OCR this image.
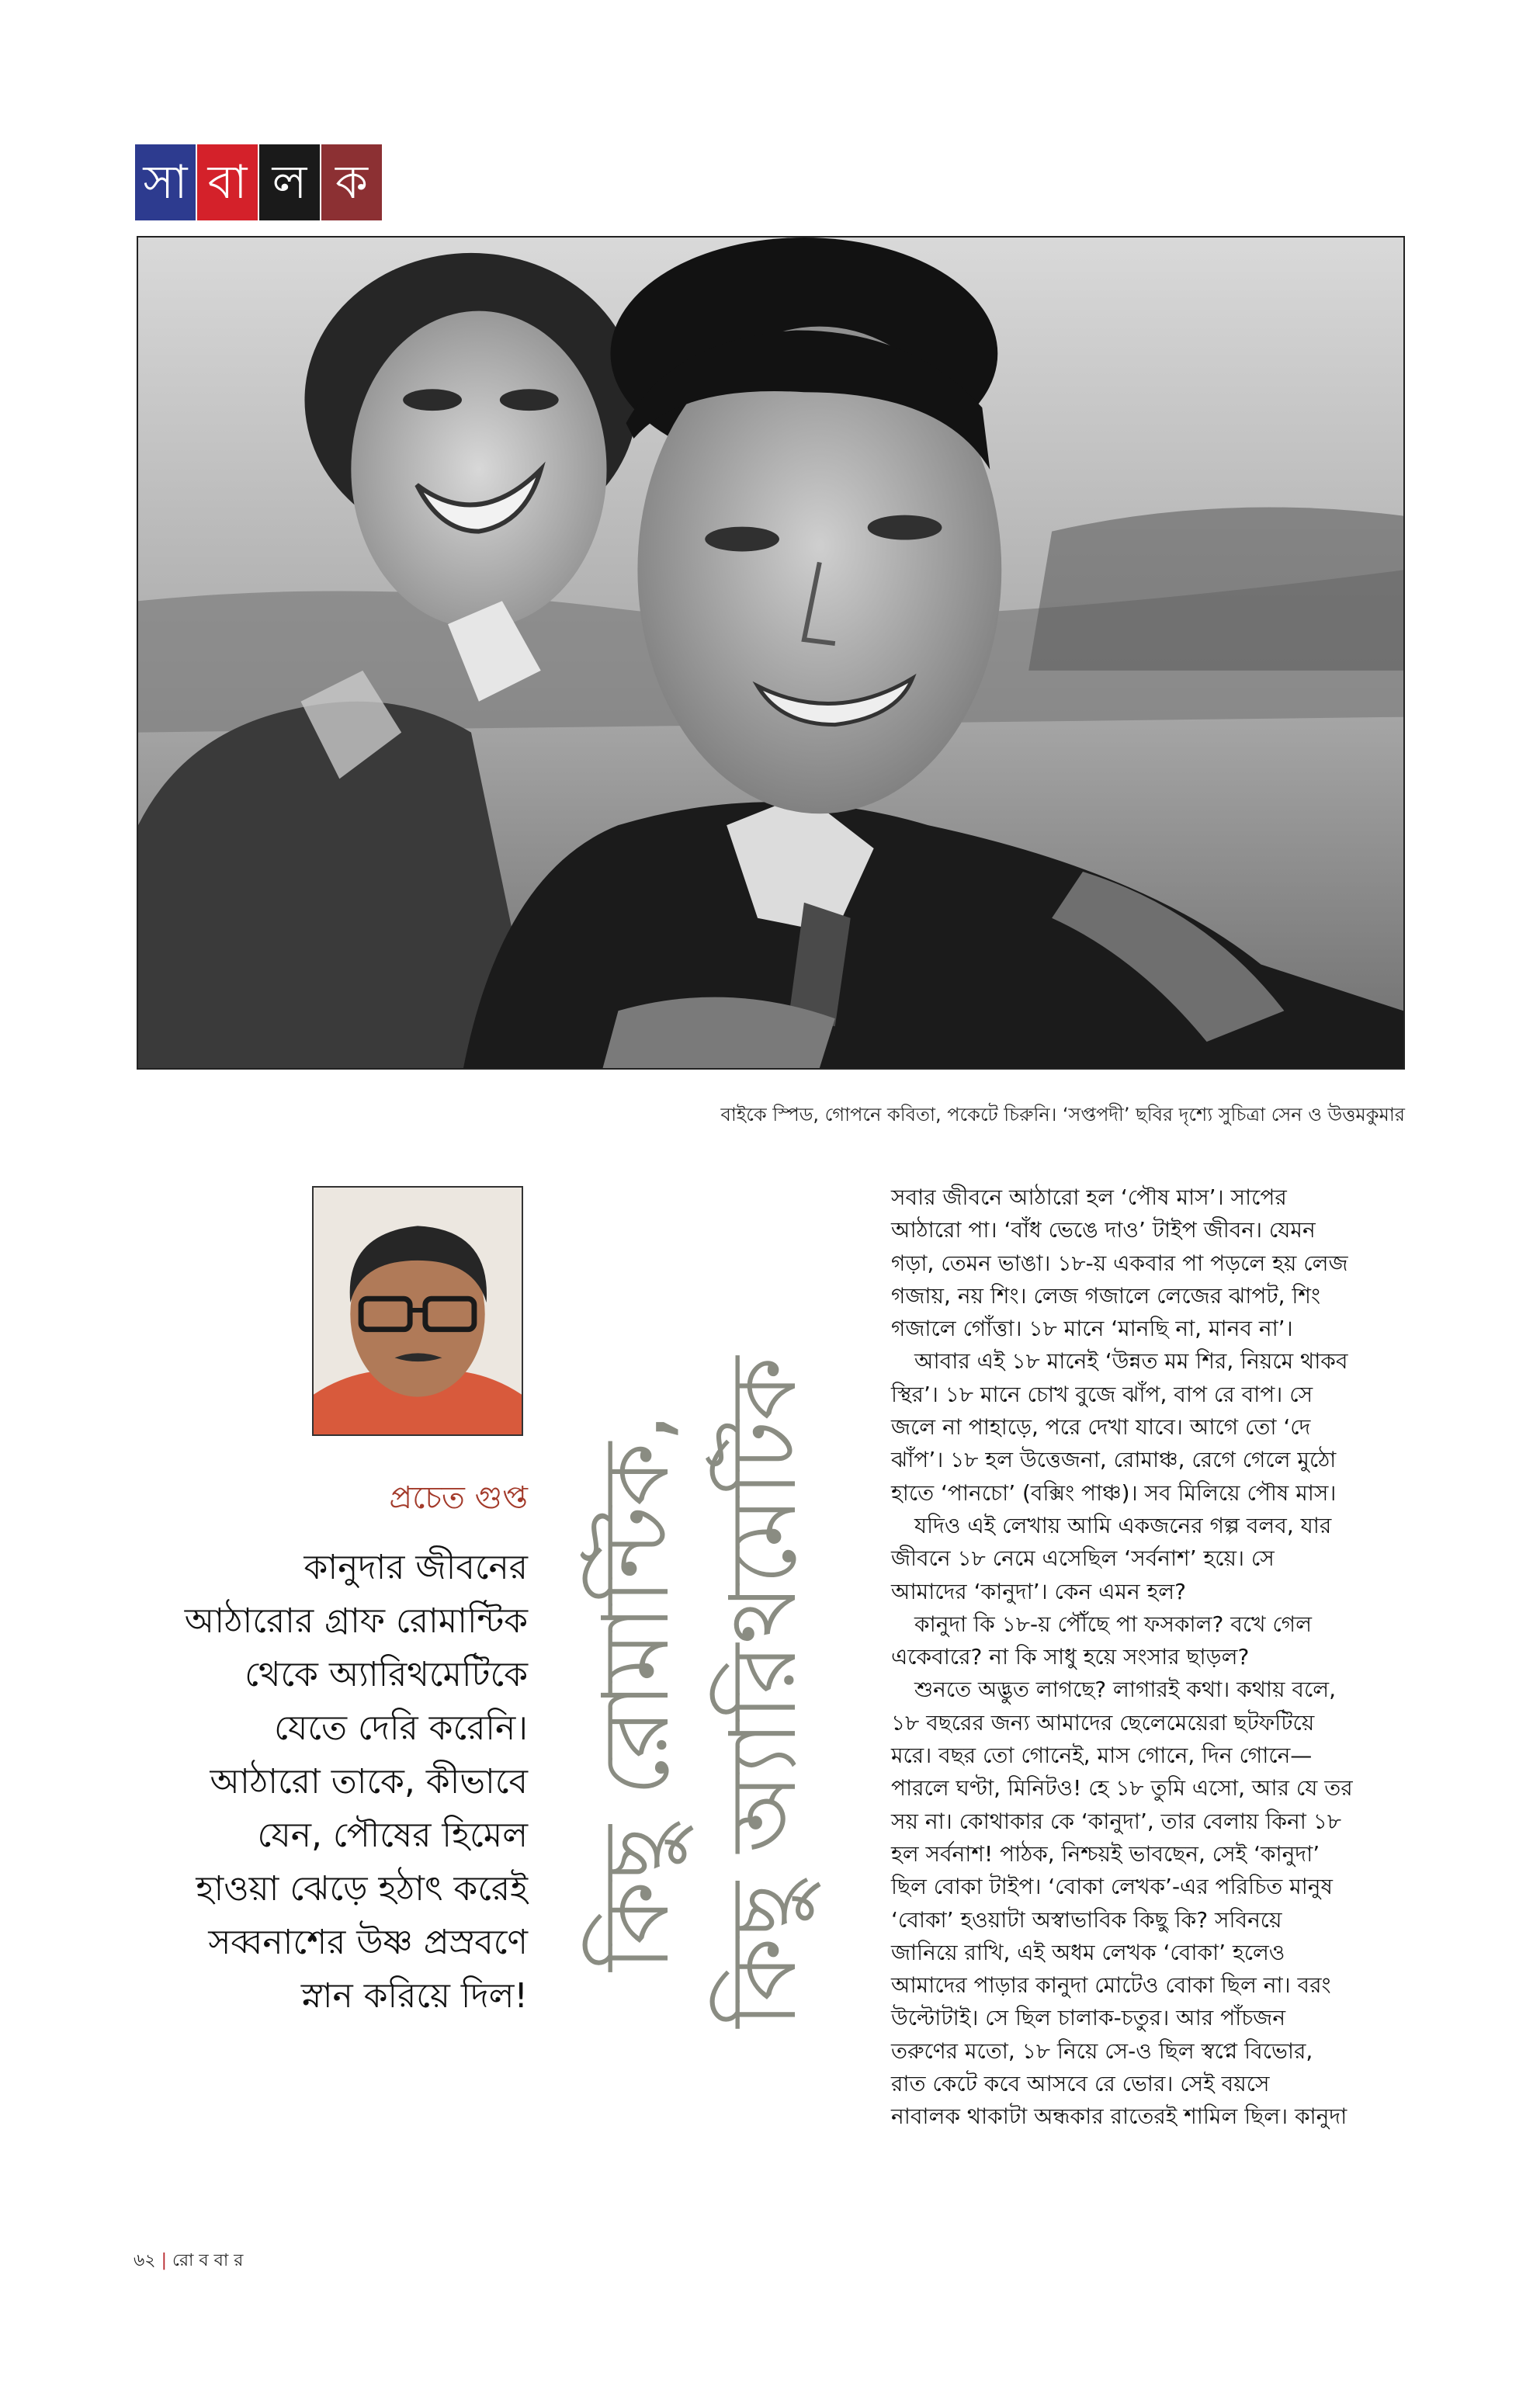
সা বা ল ক
বাইকে স্পিড, গোপনে কবিতা, পকেটে চিরুনি। ‘সপ্তপদী’ ছবির দৃশ্যে সুচিত্রা সেন ও উত্তমকুমার
প্রচেত গুপ্ত
কানুদার জীবনের
আঠারোর গ্রাফ রোমান্টিক
থেকে অ্যারিথমেটিকে
যেতে দেরি করেনি।
আঠারো তাকে, কীভাবে
যেন, পৌষের হিমেল
হাওয়া ঝেড়ে হঠাৎ করেই
সব্বনাশের উষ্ণ প্রস্রবণে
স্নান করিয়ে দিল!
কিছু রোমান্টিক, কিছু অ্যারিথমেটিক
সবার জীবনে আঠারো হল ‘পৌষ মাস’। সাপের
আঠারো পা। ‘বাঁধ ভেঙে দাও’ টাইপ জীবন। যেমন
গড়া, তেমন ভাঙা। ১৮-য় একবার পা পড়লে হয় লেজ
গজায়, নয় শিং। লেজ গজালে লেজের ঝাপট, শিং
গজালে গোঁত্তা। ১৮ মানে ‘মানছি না, মানব না’।
আবার এই ১৮ মানেই ‘উন্নত মম শির, নিয়মে থাকব
স্থির’। ১৮ মানে চোখ বুজে ঝাঁপ, বাপ রে বাপ। সে
জলে না পাহাড়ে, পরে দেখা যাবে। আগে তো ‘দে
ঝাঁপ’। ১৮ হল উত্তেজনা, রোমাঞ্চ, রেগে গেলে মুঠো
হাতে ‘পানচো’ (বক্সিং পাঞ্চ)। সব মিলিয়ে পৌষ মাস।
যদিও এই লেখায় আমি একজনের গল্প বলব, যার
জীবনে ১৮ নেমে এসেছিল ‘সর্বনাশ’ হয়ে। সে
আমাদের ‘কানুদা’। কেন এমন হল?
কানুদা কি ১৮-য় পৌঁছে পা ফসকাল? বখে গেল
একেবারে? না কি সাধু হয়ে সংসার ছাড়ল?
শুনতে অদ্ভুত লাগছে? লাগারই কথা। কথায় বলে,
১৮ বছরের জন্য আমাদের ছেলেমেয়েরা ছটফটিয়ে
মরে। বছর তো গোনেই, মাস গোনে, দিন গোনে—
পারলে ঘণ্টা, মিনিটও! হে ১৮ তুমি এসো, আর যে তর
সয় না। কোথাকার কে ‘কানুদা’, তার বেলায় কিনা ১৮
হল সর্বনাশ! পাঠক, নিশ্চয়ই ভাবছেন, সেই ‘কানুদা’
ছিল বোকা টাইপ। ‘বোকা লেখক’-এর পরিচিত মানুষ
‘বোকা’ হওয়াটা অস্বাভাবিক কিছু কি? সবিনয়ে
জানিয়ে রাখি, এই অধম লেখক ‘বোকা’ হলেও
আমাদের পাড়ার কানুদা মোটেও বোকা ছিল না। বরং
উল্টোটাই। সে ছিল চালাক-চতুর। আর পাঁচজন
তরুণের মতো, ১৮ নিয়ে সে-ও ছিল স্বপ্নে বিভোর,
রাত কেটে কবে আসবে রে ভোর। সেই বয়সে
নাবালক থাকাটা অন্ধকার রাতেরই শামিল ছিল। কানুদা
৬২ | রো ব বা র
